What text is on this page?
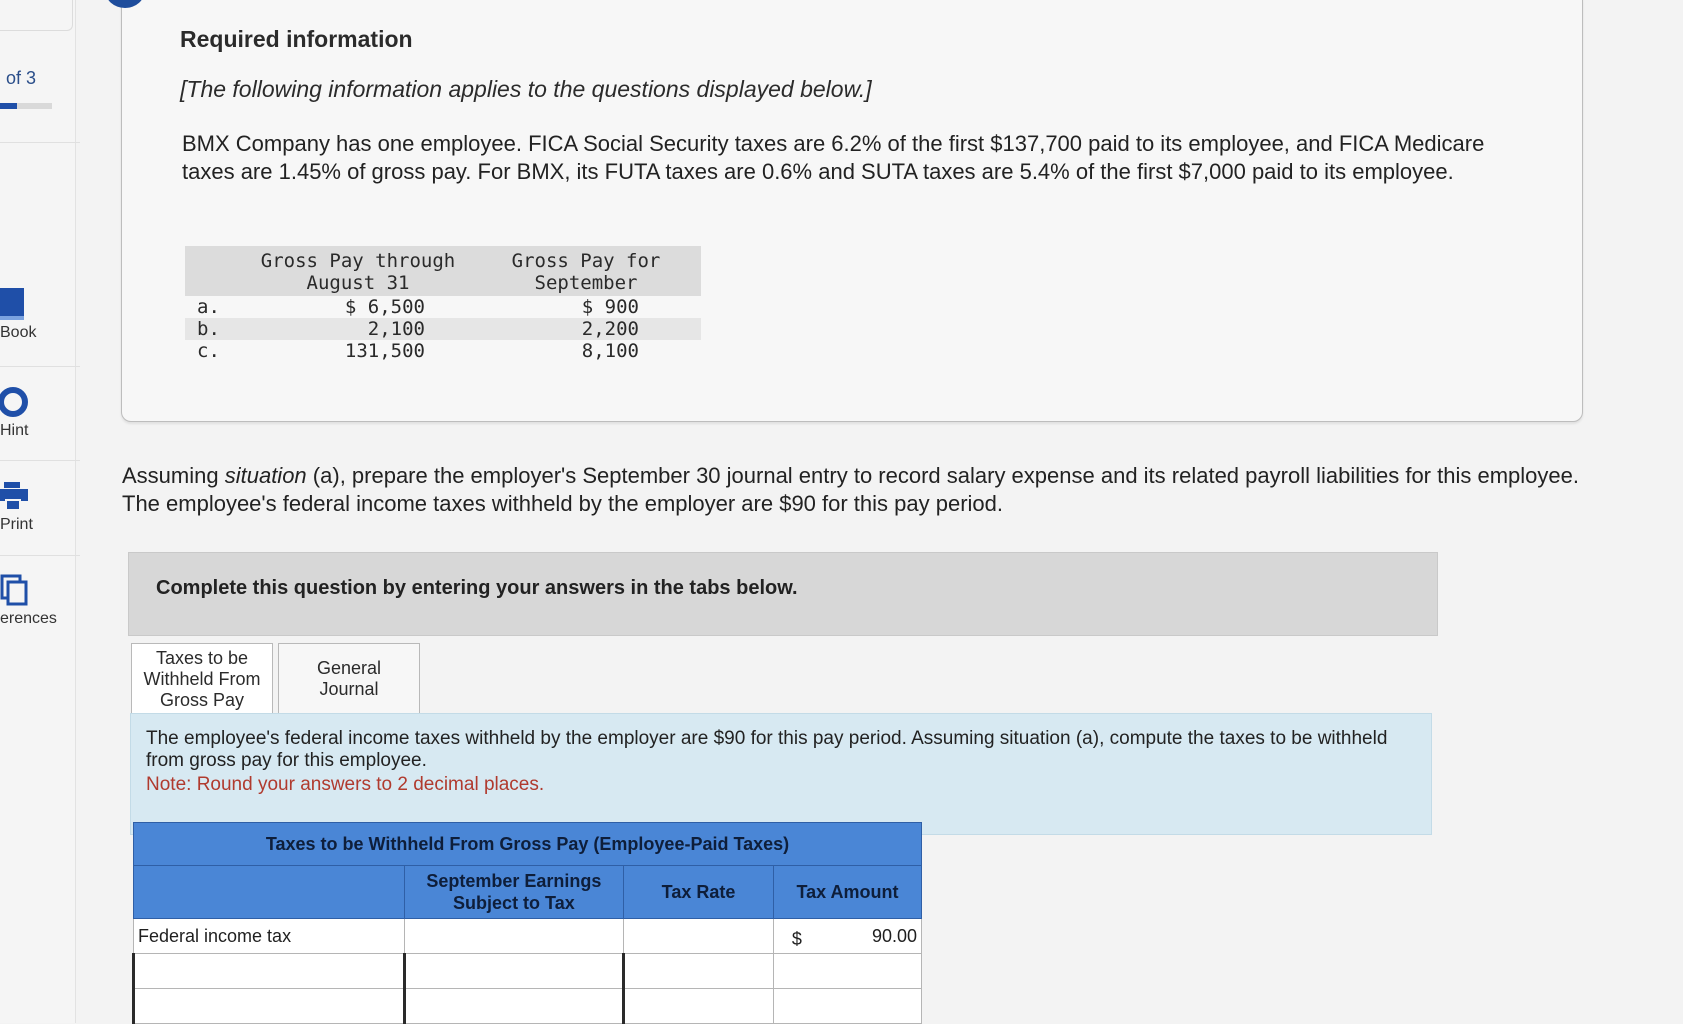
of 3
Book
Hint
Print
erences
Required information
[The following information applies to the questions displayed below.]
BMX Company has one employee. FICA Social Security taxes are 6.2% of the first $137,700 paid to its employee, and FICA Medicare taxes are 1.45% of gross pay. For BMX, its FUTA taxes are 0.6% and SUTA taxes are 5.4% of the first $7,000 paid to its employee.
	Gross Pay through August 31	Gross Pay for September
a.	$ 6,500	$ 900
b.	2,100	2,200
c.	131,500	8,100
Assuming situation (a), prepare the employer's September 30 journal entry to record salary expense and its related payroll liabilities for this employee. The employee's federal income taxes withheld by the employer are $90 for this pay period.
Complete this question by entering your answers in the tabs below.
Taxes to be Withheld From Gross Pay
General Journal
The employee's federal income taxes withheld by the employer are $90 for this pay period. Assuming situation (a), compute the taxes to be withheld from gross pay for this employee.
Note: Round your answers to 2 decimal places.
Taxes to be Withheld From Gross Pay (Employee-Paid Taxes)			
	September Earnings Subject to Tax	Tax Rate	Tax Amount
Federal income tax			$ 90.00
